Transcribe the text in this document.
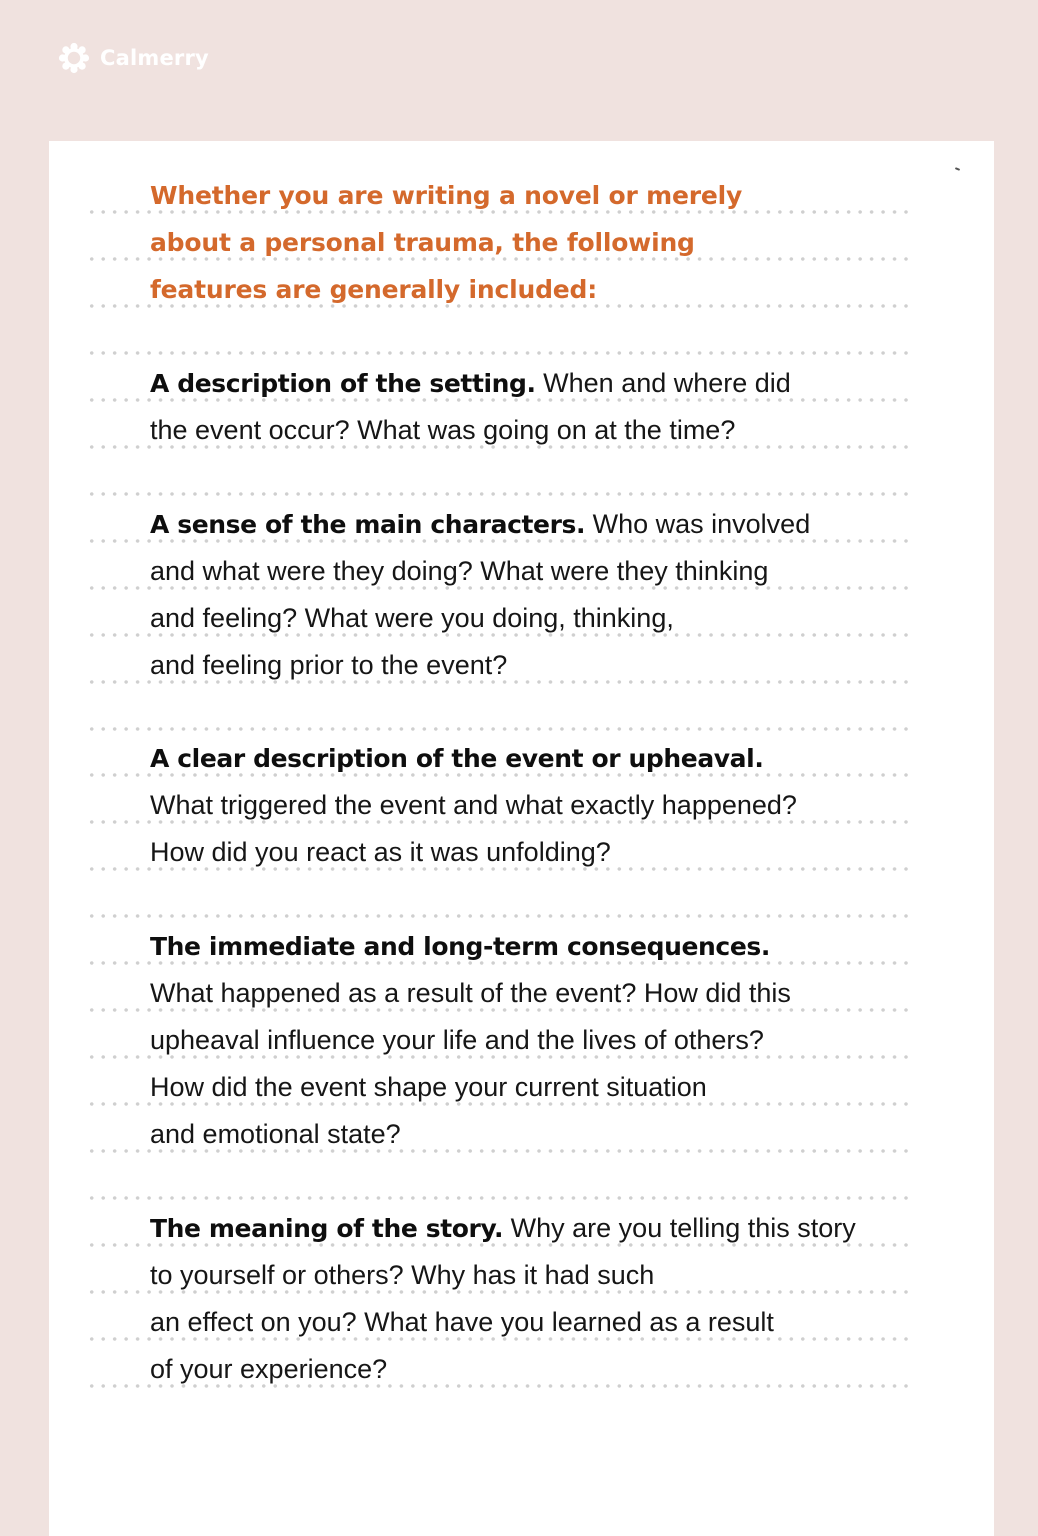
Calmerry
Whether you are writing a novel or merely
about a personal trauma, the following
features are generally included:
A description of the setting. When and where did
the event occur? What was going on at the time?
A sense of the main characters. Who was involved
and what were they doing? What were they thinking
and feeling? What were you doing, thinking,
and feeling prior to the event?
A clear description of the event or upheaval.
What triggered the event and what exactly happened?
How did you react as it was unfolding?
The immediate and long-term consequences.
What happened as a result of the event? How did this
upheaval influence your life and the lives of others?
How did the event shape your current situation
and emotional state?
The meaning of the story. Why are you telling this story
to yourself or others? Why has it had such
an effect on you? What have you learned as a result
of your experience?
